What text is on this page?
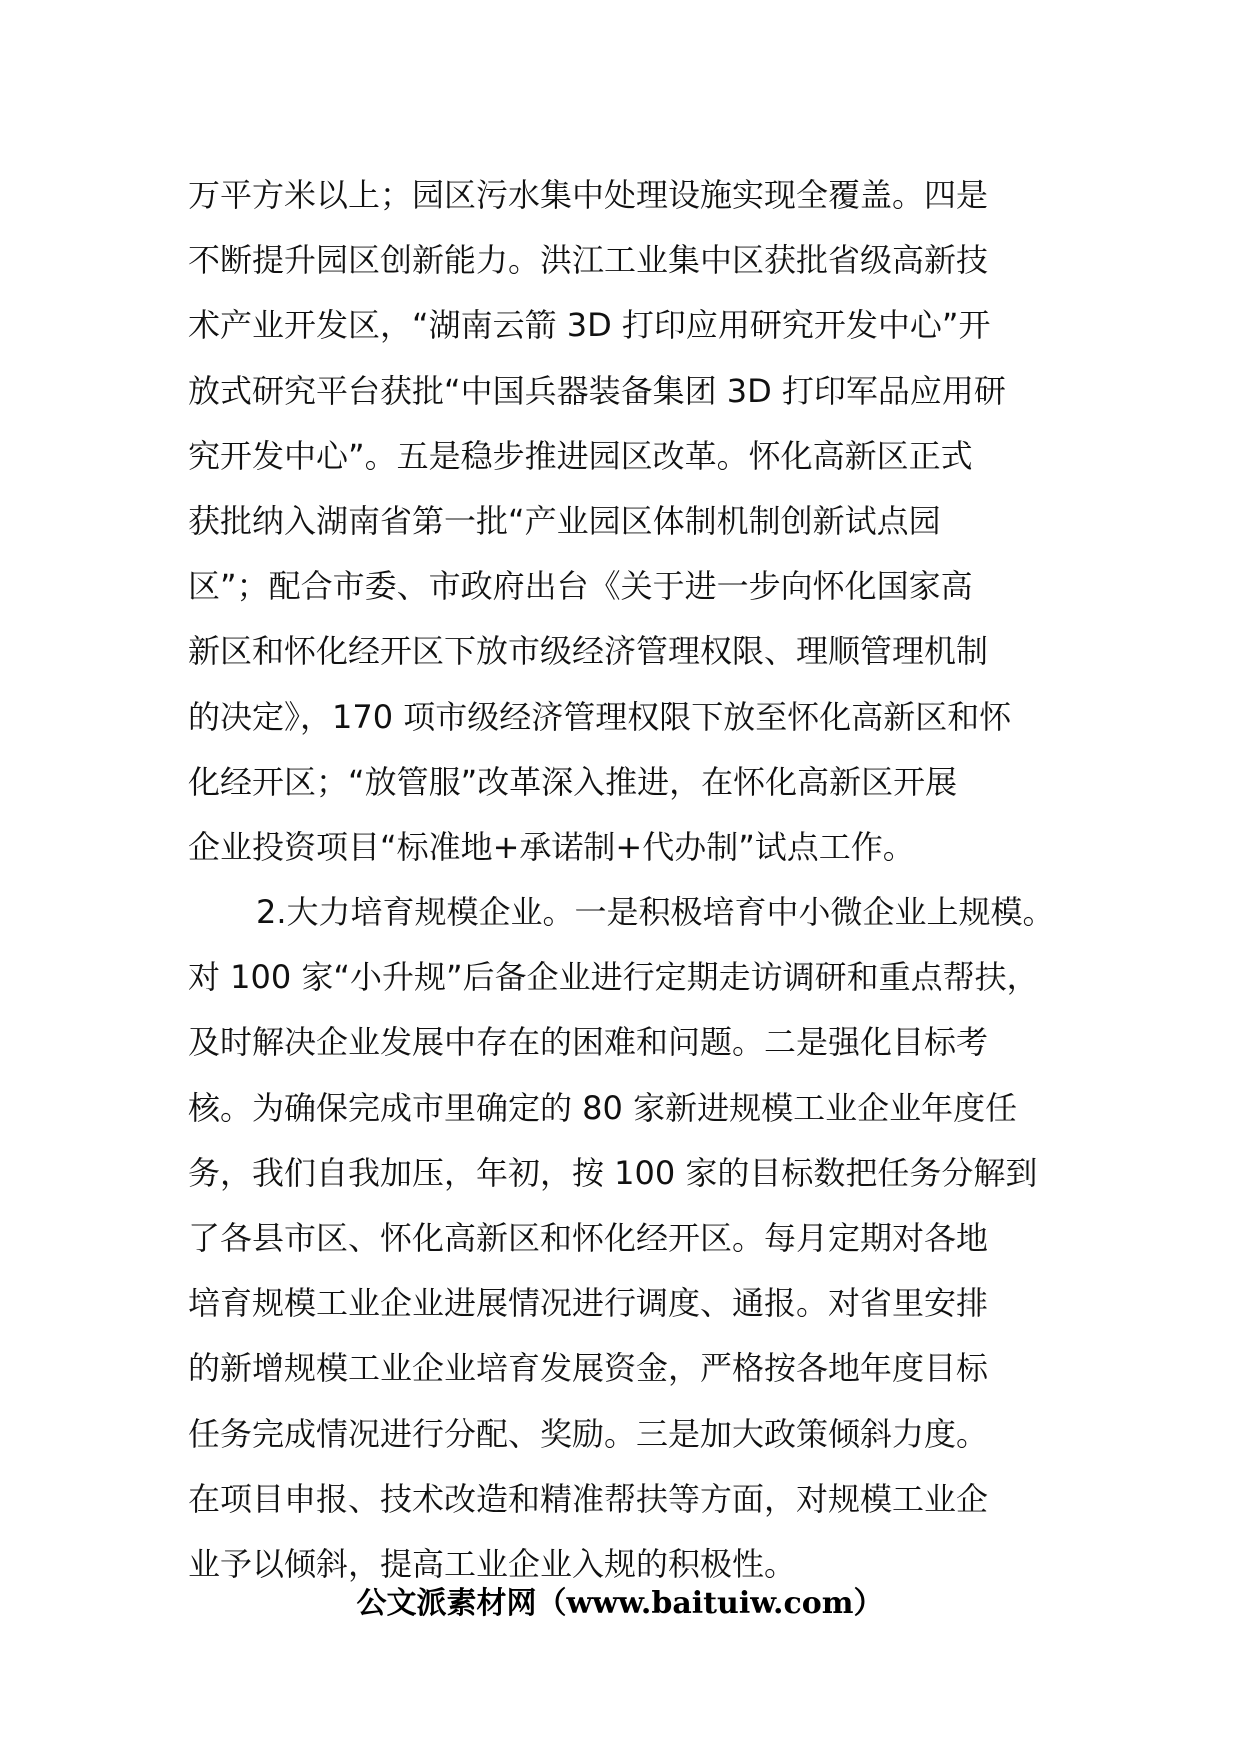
万平方米以上；园区污水集中处理设施实现全覆盖。四是
不断提升园区创新能力。洪江工业集中区获批省级高新技
术产业开发区，“湖南云箭 3D 打印应用研究开发中心”开
放式研究平台获批“中国兵器装备集团 3D 打印军品应用研
究开发中心”。五是稳步推进园区改革。怀化高新区正式
获批纳入湖南省第一批“产业园区体制机制创新试点园
区”；配合市委、市政府出台《关于进一步向怀化国家高
新区和怀化经开区下放市级经济管理权限、理顺管理机制
的决定》，170 项市级经济管理权限下放至怀化高新区和怀
化经开区；“放管服”改革深入推进，在怀化高新区开展
企业投资项目“标准地+承诺制+代办制”试点工作。
2.大力培育规模企业。一是积极培育中小微企业上规模。
对 100 家“小升规”后备企业进行定期走访调研和重点帮扶，
及时解决企业发展中存在的困难和问题。二是强化目标考
核。为确保完成市里确定的 80 家新进规模工业企业年度任
务，我们自我加压，年初，按 100 家的目标数把任务分解到
了各县市区、怀化高新区和怀化经开区。每月定期对各地
培育规模工业企业进展情况进行调度、通报。对省里安排
的新增规模工业企业培育发展资金，严格按各地年度目标
任务完成情况进行分配、奖励。三是加大政策倾斜力度。
在项目申报、技术改造和精准帮扶等方面，对规模工业企
业予以倾斜，提高工业企业入规的积极性。
公文派素材网（www.baituiw.com）
